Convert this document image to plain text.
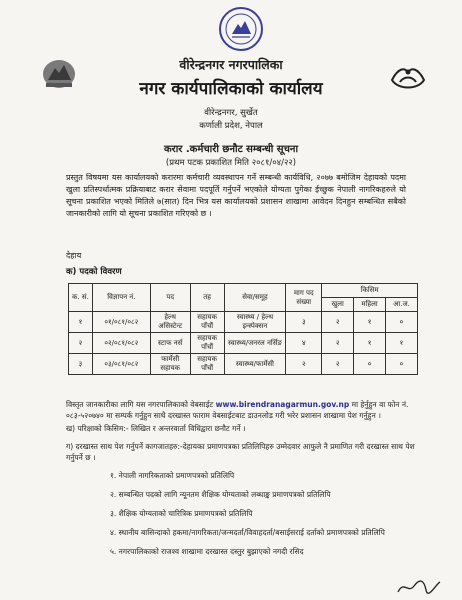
वीरेन्द्रनगर नगरपालिका
नगर कार्यपालिकाको कार्यालय
वीरेन्द्रनगर, सुर्खेत
कर्णाली प्रदेश, नेपाल
करार .कर्मचारी छनौट सम्बन्धी सूचना
(प्रथम पटक प्रकाशित मिति २०८१/०४/२२)
प्रस्तुत विषयमा यस कार्यालयको करारमा कर्मचारी व्यवस्थापन गर्ने सम्बन्धी कार्यविधि, २०७७ बमोजिम देहायको पदमा खुला प्रतिस्पर्धात्मक प्रक्रियाबाट करार सेवामा पदपूर्ति गर्नुपर्ने भएकोले योग्यता पुगेका ईच्छुक नेपाली नागरिकहरुले यो सूचना प्रकाशित भएको मितिले ७(सात) दिन भित्र यस कार्यालयको प्रशासन शाखामा आवेदन दिनहुन सम्बन्धित सबैको जानकारीको लागि यो सूचना प्रकाशित गरिएको छ ।
देहाय
क) पदको विवरण
क. सं.	विज्ञापन नं.	पद	तह	सेवा/समूह	माग पद संख्या	किसिम		
						खुला	महिला	आ.ज.
१	०१/०८१/०८२	हेल्थ असिस्टेन्ट	सहायक पाँचौं	स्वास्थ्य / हेल्थ इन्स्पेक्सन	३	२	१	०
२	०२/०८१/०८२	स्टाफ नर्स	सहायक पाँचौं	स्वास्थ्य/जनरल नर्सिङ	४	२	१	१
३	०३/०८१/०८२	फार्मेसी सहायक	सहायक पाँचौं	स्वास्थ्य/फार्मेसी	२	२	०	०
विस्तृत जानकारीका लागि यस नगरपालिकाको वेबसाईट www.birendranagarmun.gov.np मा हेर्नुहुन वा फोन नं. ०८३-५२०७४० मा सम्पर्क गर्नुहुन साथै दरखास्त फाराम वेबसाईटबाट डाउनलोड गरी भरेर प्रशासन शाखामा पेश गर्नुहुन ।
ख) परिक्षाको किसिम:- लिखित र अन्तरवार्ता विधिद्वारा छनौट गर्ने ।
ग) दरखास्त साथ पेश गर्नुपर्ने कागजातहरु:-देहायका प्रमाणपत्रका प्रतिलिपिहरु उम्मेदवार आफुले नै प्रमाणित गरी दरखास्त साथ पेश गर्नुपर्ने छ ।
१. नेपाली नागरिकताको प्रमाणपत्रको प्रतिलिपि
२. सम्बन्धित पदको लागि न्यूनतम शैक्षिक योग्यताको लब्धाङ्क प्रमाणपत्रको प्रतिलिपि
३. शैक्षिक योग्यताको चारित्रिक प्रमाणपत्रको प्रतिलिपि
४. स्थानीय बासिन्दाको हकमा/नागरिकता/जन्मदर्ता/विवाहदर्ता/बसाईसराई दर्ताको प्रमाणपत्रको प्रतिलिपि
५. नगरपालिकाको राजश्व शाखामा दरखास्त दस्तुर बुझाएको नगदी रसिद
